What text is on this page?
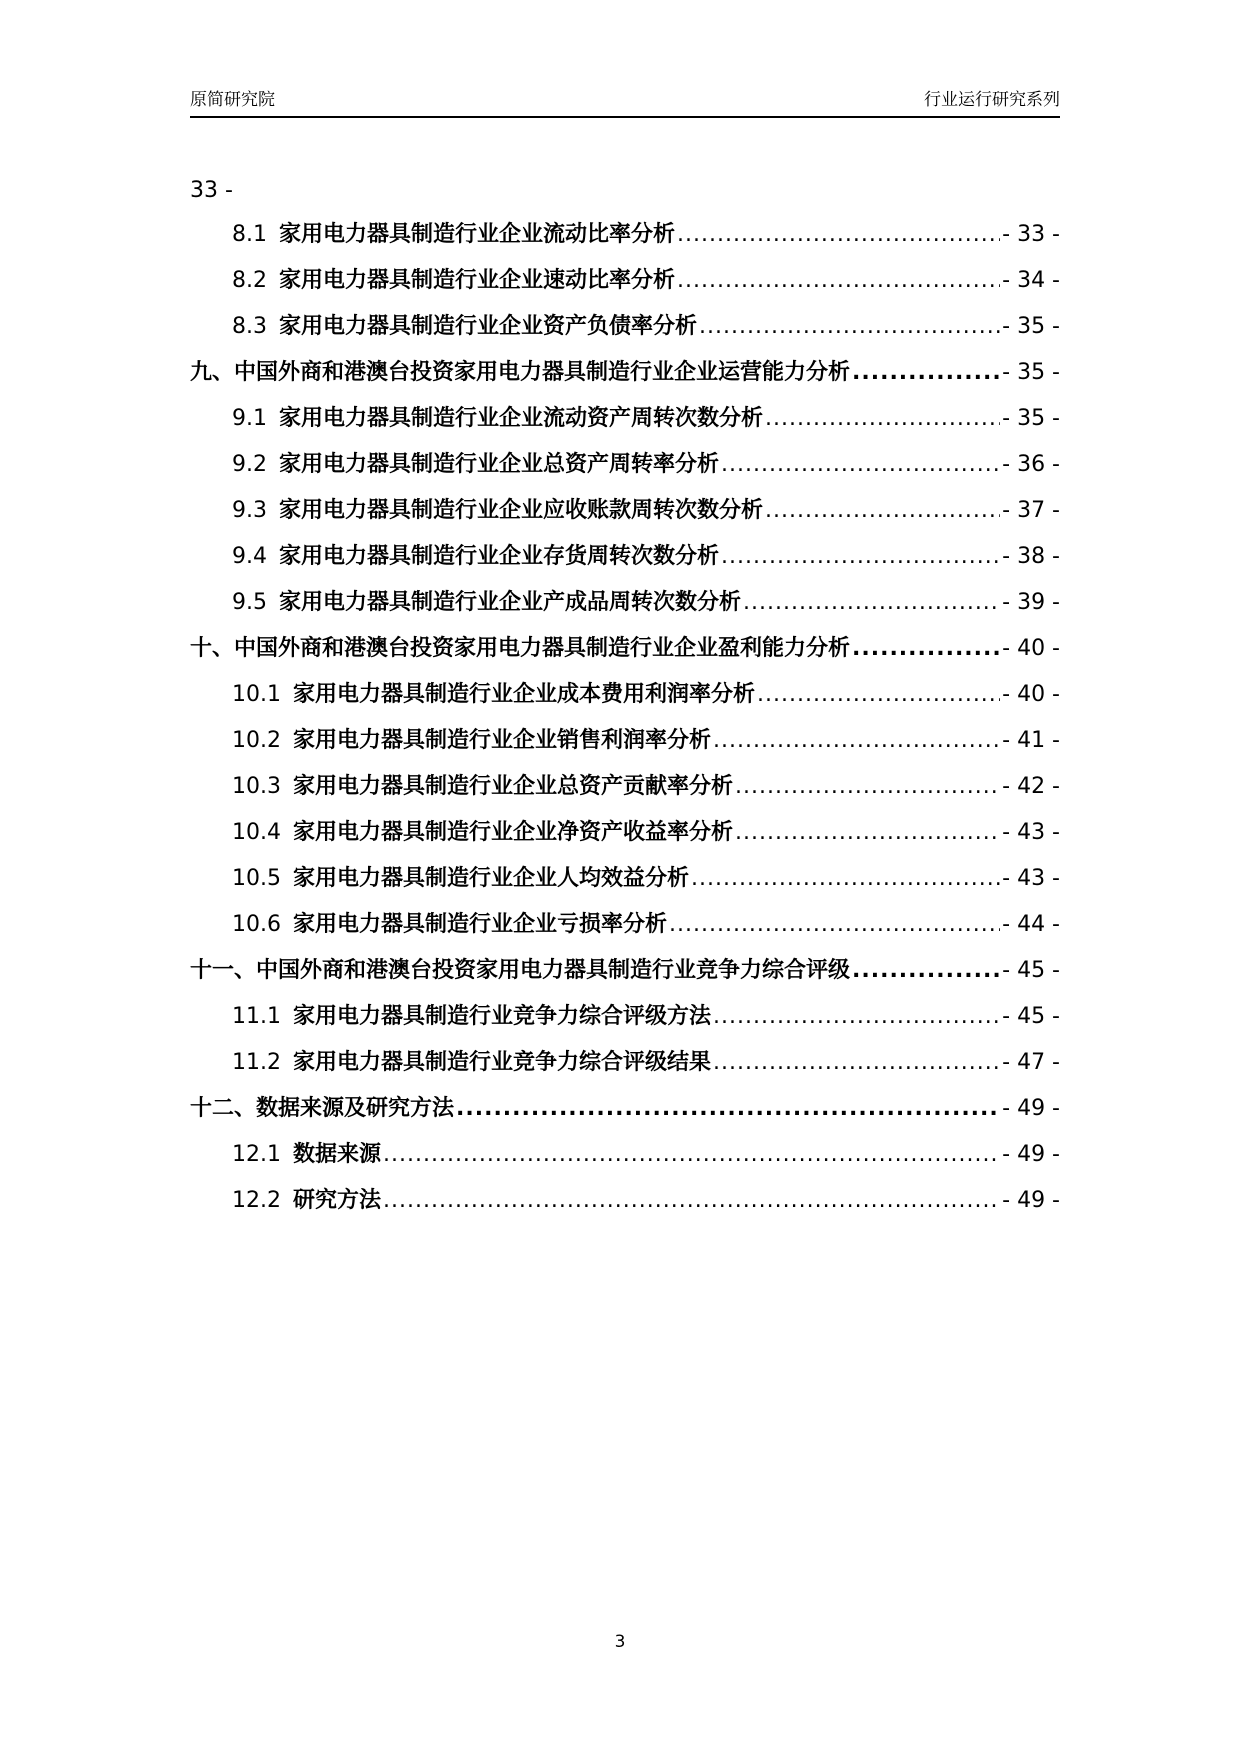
原简研究院	行业运行研究系列
33 -
8.1 家用电力器具制造行业企业流动比率分析 .....	- 33 -
8.2 家用电力器具制造行业企业速动比率分析 .....	- 34 -
8.3 家用电力器具制造行业企业资产负债率分析 .....	- 35 -
九、中国外商和港澳台投资家用电力器具制造行业企业运营能力分析 .....	- 35 -
9.1 家用电力器具制造行业企业流动资产周转次数分析 .....	- 35 -
9.2 家用电力器具制造行业企业总资产周转率分析 .....	- 36 -
9.3 家用电力器具制造行业企业应收账款周转次数分析 .....	- 37 -
9.4 家用电力器具制造行业企业存货周转次数分析 .....	- 38 -
9.5 家用电力器具制造行业企业产成品周转次数分析 .....	- 39 -
十、中国外商和港澳台投资家用电力器具制造行业企业盈利能力分析 .....	- 40 -
10.1 家用电力器具制造行业企业成本费用利润率分析 .....	- 40 -
10.2 家用电力器具制造行业企业销售利润率分析 .....	- 41 -
10.3 家用电力器具制造行业企业总资产贡献率分析 .....	- 42 -
10.4 家用电力器具制造行业企业净资产收益率分析 .....	- 43 -
10.5 家用电力器具制造行业企业人均效益分析 .....	- 43 -
10.6 家用电力器具制造行业企业亏损率分析 .....	- 44 -
十一、中国外商和港澳台投资家用电力器具制造行业竞争力综合评级 .....	- 45 -
11.1 家用电力器具制造行业竞争力综合评级方法 .....	- 45 -
11.2 家用电力器具制造行业竞争力综合评级结果 .....	- 47 -
十二、数据来源及研究方法 .....	- 49 -
12.1 数据来源 .....	- 49 -
12.2 研究方法 .....	- 49 -
3
